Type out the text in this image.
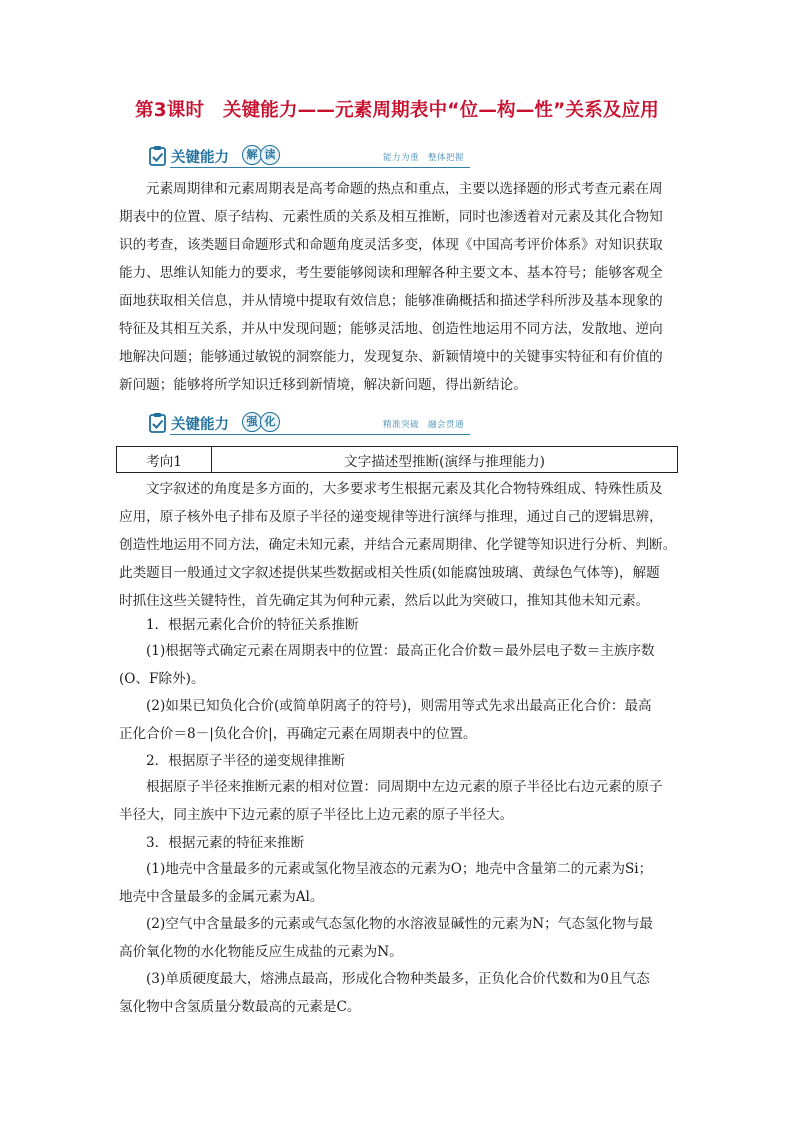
第3课时　关键能力——元素周期表中“位—构—性”关系及应用
关键能力	解 读	能力为重　整体把握
元素周期律和元素周期表是高考命题的热点和重点，主要以选择题的形式考查元素在周
期表中的位置、原子结构、元素性质的关系及相互推断，同时也渗透着对元素及其化合物知
识的考查，该类题目命题形式和命题角度灵活多变，体现《中国高考评价体系》对知识获取
能力、思维认知能力的要求，考生要能够阅读和理解各种主要文本、基本符号；能够客观全
面地获取相关信息，并从情境中提取有效信息；能够准确概括和描述学科所涉及基本现象的
特征及其相互关系，并从中发现问题；能够灵活地、创造性地运用不同方法，发散地、逆向
地解决问题；能够通过敏锐的洞察能力，发现复杂、新颖情境中的关键事实特征和有价值的
新问题；能够将所学知识迁移到新情境，解决新问题，得出新结论。
关键能力	强 化	精准突破　融会贯通
考向1	文字描述型推断(演绎与推理能力)
文字叙述的角度是多方面的，大多要求考生根据元素及其化合物特殊组成、特殊性质及
应用，原子核外电子排布及原子半径的递变规律等进行演绎与推理，通过自己的逻辑思辨，
创造性地运用不同方法，确定未知元素，并结合元素周期律、化学键等知识进行分析、判断。
此类题目一般通过文字叙述提供某些数据或相关性质(如能腐蚀玻璃、黄绿色气体等)，解题
时抓住这些关键特性，首先确定其为何种元素，然后以此为突破口，推知其他未知元素。
1．根据元素化合价的特征关系推断
(1)根据等式确定元素在周期表中的位置：最高正化合价数＝最外层电子数＝主族序数
(O、F除外)。
(2)如果已知负化合价(或简单阴离子的符号)，则需用等式先求出最高正化合价：最高
正化合价＝8－|负化合价|，再确定元素在周期表中的位置。
2．根据原子半径的递变规律推断
根据原子半径来推断元素的相对位置：同周期中左边元素的原子半径比右边元素的原子
半径大，同主族中下边元素的原子半径比上边元素的原子半径大。
3．根据元素的特征来推断
(1)地壳中含量最多的元素或氢化物呈液态的元素为O；地壳中含量第二的元素为Si；
地壳中含量最多的金属元素为Al。
(2)空气中含量最多的元素或气态氢化物的水溶液显碱性的元素为N；气态氢化物与最
高价氧化物的水化物能反应生成盐的元素为N。
(3)单质硬度最大，熔沸点最高，形成化合物种类最多，正负化合价代数和为0且气态
氢化物中含氢质量分数最高的元素是C。
